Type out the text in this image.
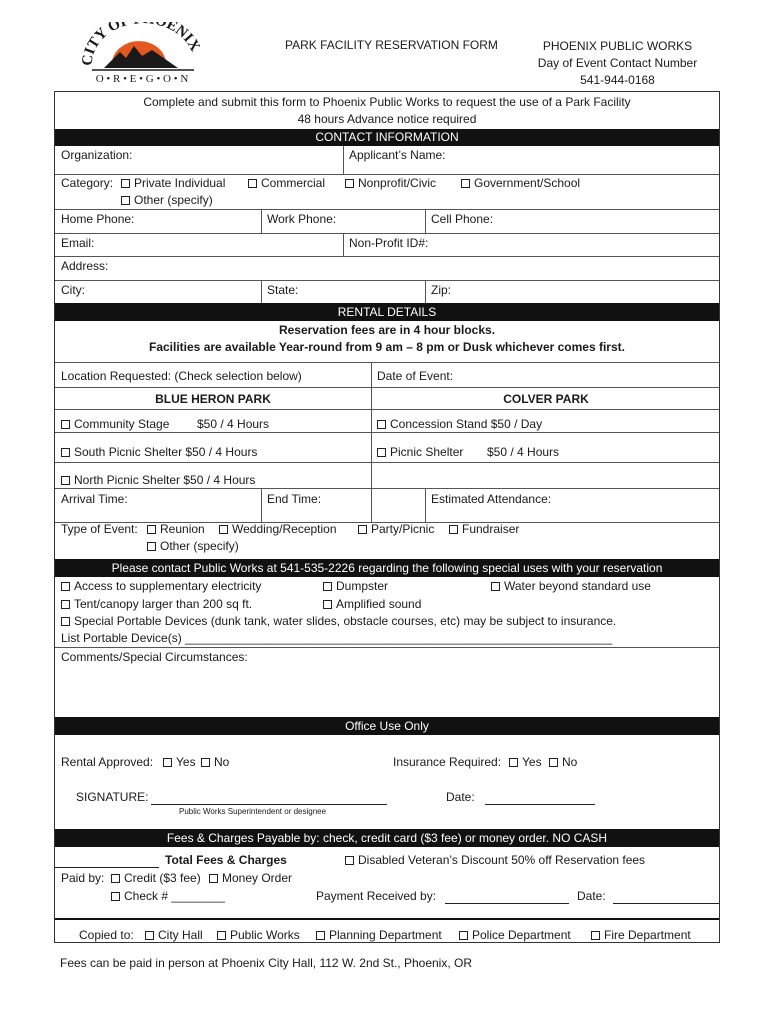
ITY O ENI
O • R • E • G • O • N
PARK FACILITY RESERVATION FORM	PHOENIX PUBLIC WORKS
Day of Event Contact Number
541-944-0168
Complete and submit this form to Phoenix Public Works to request the use of a Park Facility
48 hours Advance notice required
CONTACT INFORMATION
Organization:	Applicant’s Name:
Category:	Private Individual	Commercial	Nonprofit/Civic	Government/School
Other (specify)
Home Phone:	Work Phone:	Cell Phone:
Email:	Non-Profit ID#:
Address:
City:	State:	Zip:
RENTAL DETAILS
Reservation fees are in 4 hour blocks.
Facilities are available Year-round from 9 am – 8 pm or Dusk whichever comes first.
Location Requested: (Check selection below)	Date of Event:
BLUE HERON PARK	COLVER PARK
Community Stage $50 / 4 Hours	Concession Stand $50 / Day
South Picnic Shelter $50 / 4 Hours	Picnic Shelter $50 / 4 Hours
North Picnic Shelter $50 / 4 Hours
Arrival Time:	End Time:	Estimated Attendance:
Type of Event:	Reunion	Wedding/Reception	Party/Picnic	Fundraiser
Other (specify)
Please contact Public Works at 541-535-2226 regarding the following special uses with your reservation
Access to supplementary electricity	Dumpster	Water beyond standard use
Tent/canopy larger than 200 sq ft.	Amplified sound
Special Portable Devices (dunk tank, water slides, obstacle courses, etc) may be subject to insurance.
List Portable Device(s) ________________________________________________________________
Comments/Special Circumstances:
Office Use Only
Rental Approved:	Yes	No	Insurance Required:	Yes	No
SIGNATURE:
Public Works Superintendent or designee
Date:
Fees & Charges Payable by: check, credit card ($3 fee) or money order. NO CASH
Total Fees & Charges	Disabled Veteran’s Discount 50% off Reservation fees
Paid by:	Credit ($3 fee)	Money Order
Check # ________	Payment Received by:	Date:
Copied to:	City Hall	Public Works	Planning Department	Police Department	Fire Department
Fees can be paid in person at Phoenix City Hall, 112 W. 2nd St., Phoenix, OR
